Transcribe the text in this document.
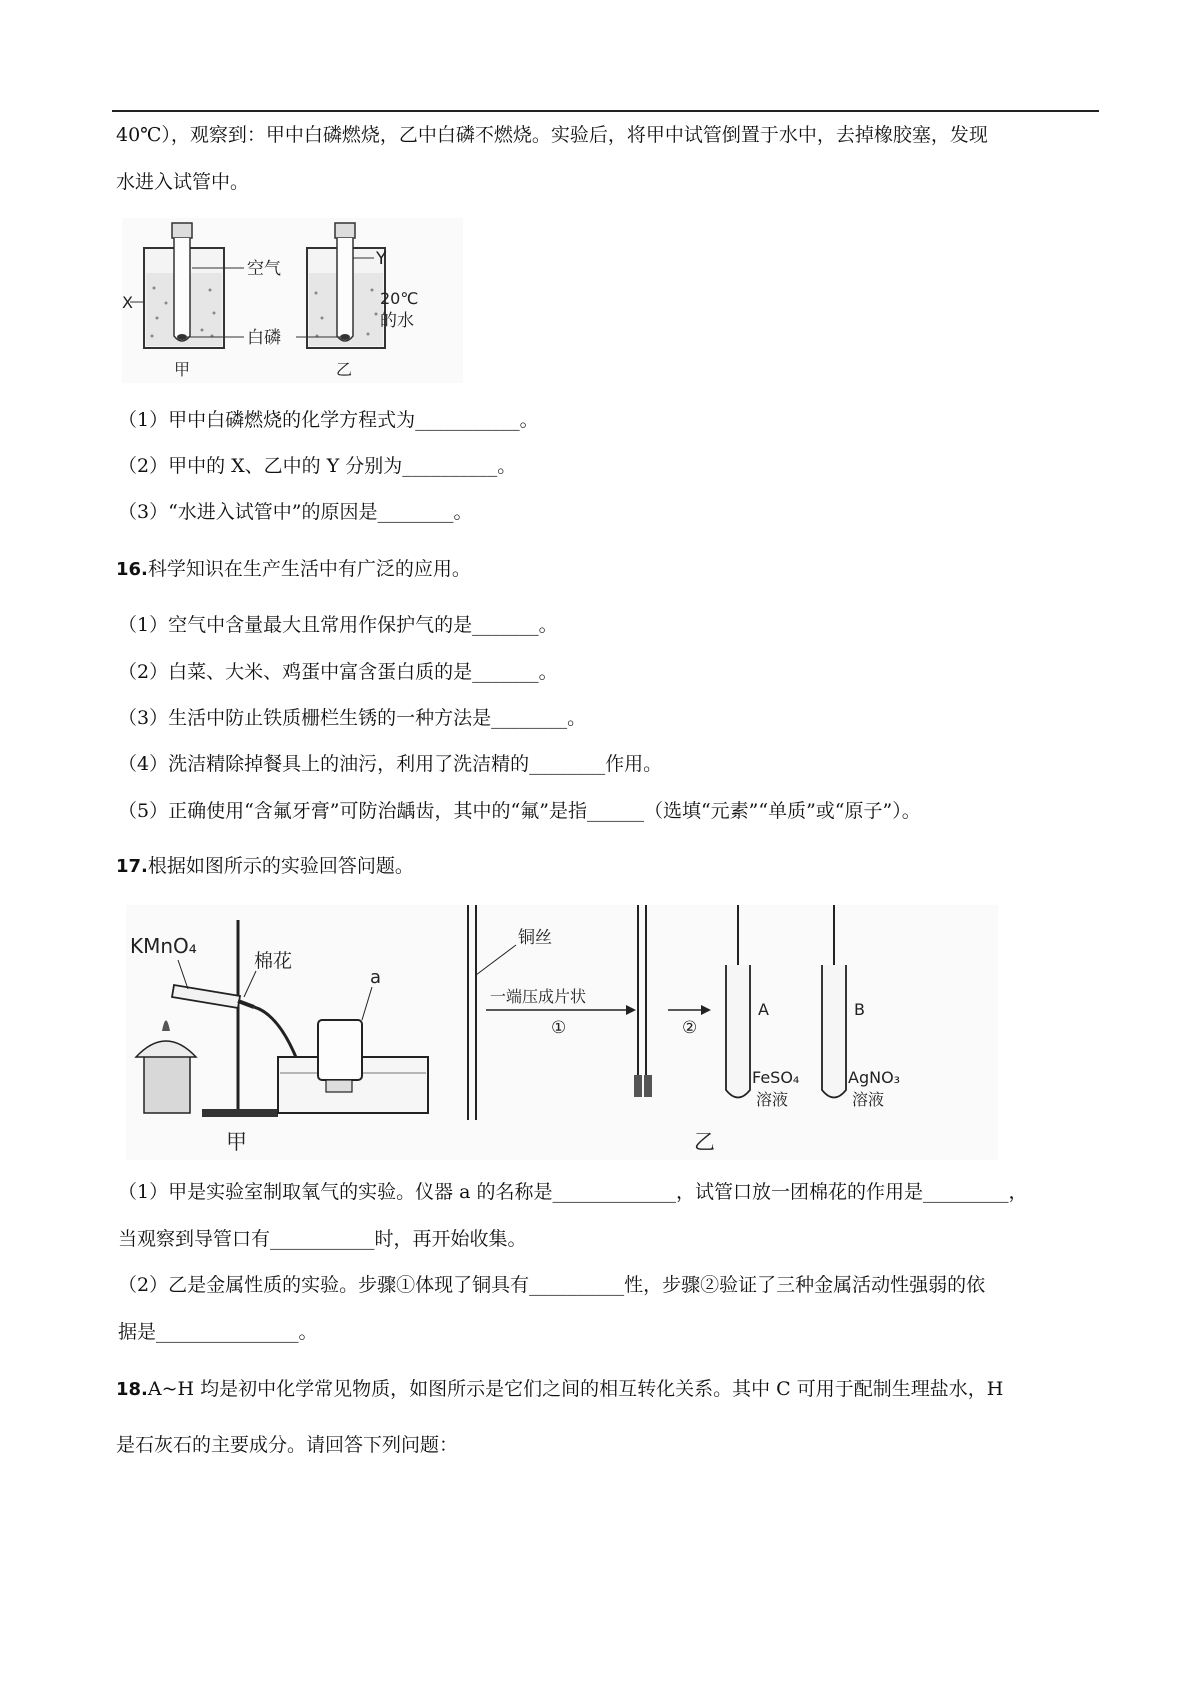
40℃），观察到：甲中白磷燃烧，乙中白磷不燃烧。实验后，将甲中试管倒置于水中，去掉橡胶塞，发现
水进入试管中。
空气
X
白磷
甲
Y
20℃
的水
乙
（1）甲中白磷燃烧的化学方程式为___________。
（2）甲中的 X、乙中的 Y 分别为__________。
（3）“水进入试管中”的原因是________。
16.科学知识在生产生活中有广泛的应用。
（1）空气中含量最大且常用作保护气的是_______。
（2）白菜、大米、鸡蛋中富含蛋白质的是_______。
（3）生活中防止铁质栅栏生锈的一种方法是________。
（4）洗洁精除掉餐具上的油污，利用了洗洁精的________作用。
（5）正确使用“含氟牙膏”可防治龋齿，其中的“氟”是指______（选填“元素”“单质”或“原子”）。
17.根据如图所示的实验回答问题。
KMnO₄
棉花
a
甲
铜丝
一端压成片状
①	②
A
FeSO₄
溶液
B
AgNO₃
溶液
乙
（1）甲是实验室制取氧气的实验。仪器 a 的名称是_____________，试管口放一团棉花的作用是_________，
当观察到导管口有___________时，再开始收集。
（2）乙是金属性质的实验。步骤①体现了铜具有__________性，步骤②验证了三种金属活动性强弱的依
据是_______________。
18.A~H 均是初中化学常见物质，如图所示是它们之间的相互转化关系。其中 C 可用于配制生理盐水，H
是石灰石的主要成分。请回答下列问题：
